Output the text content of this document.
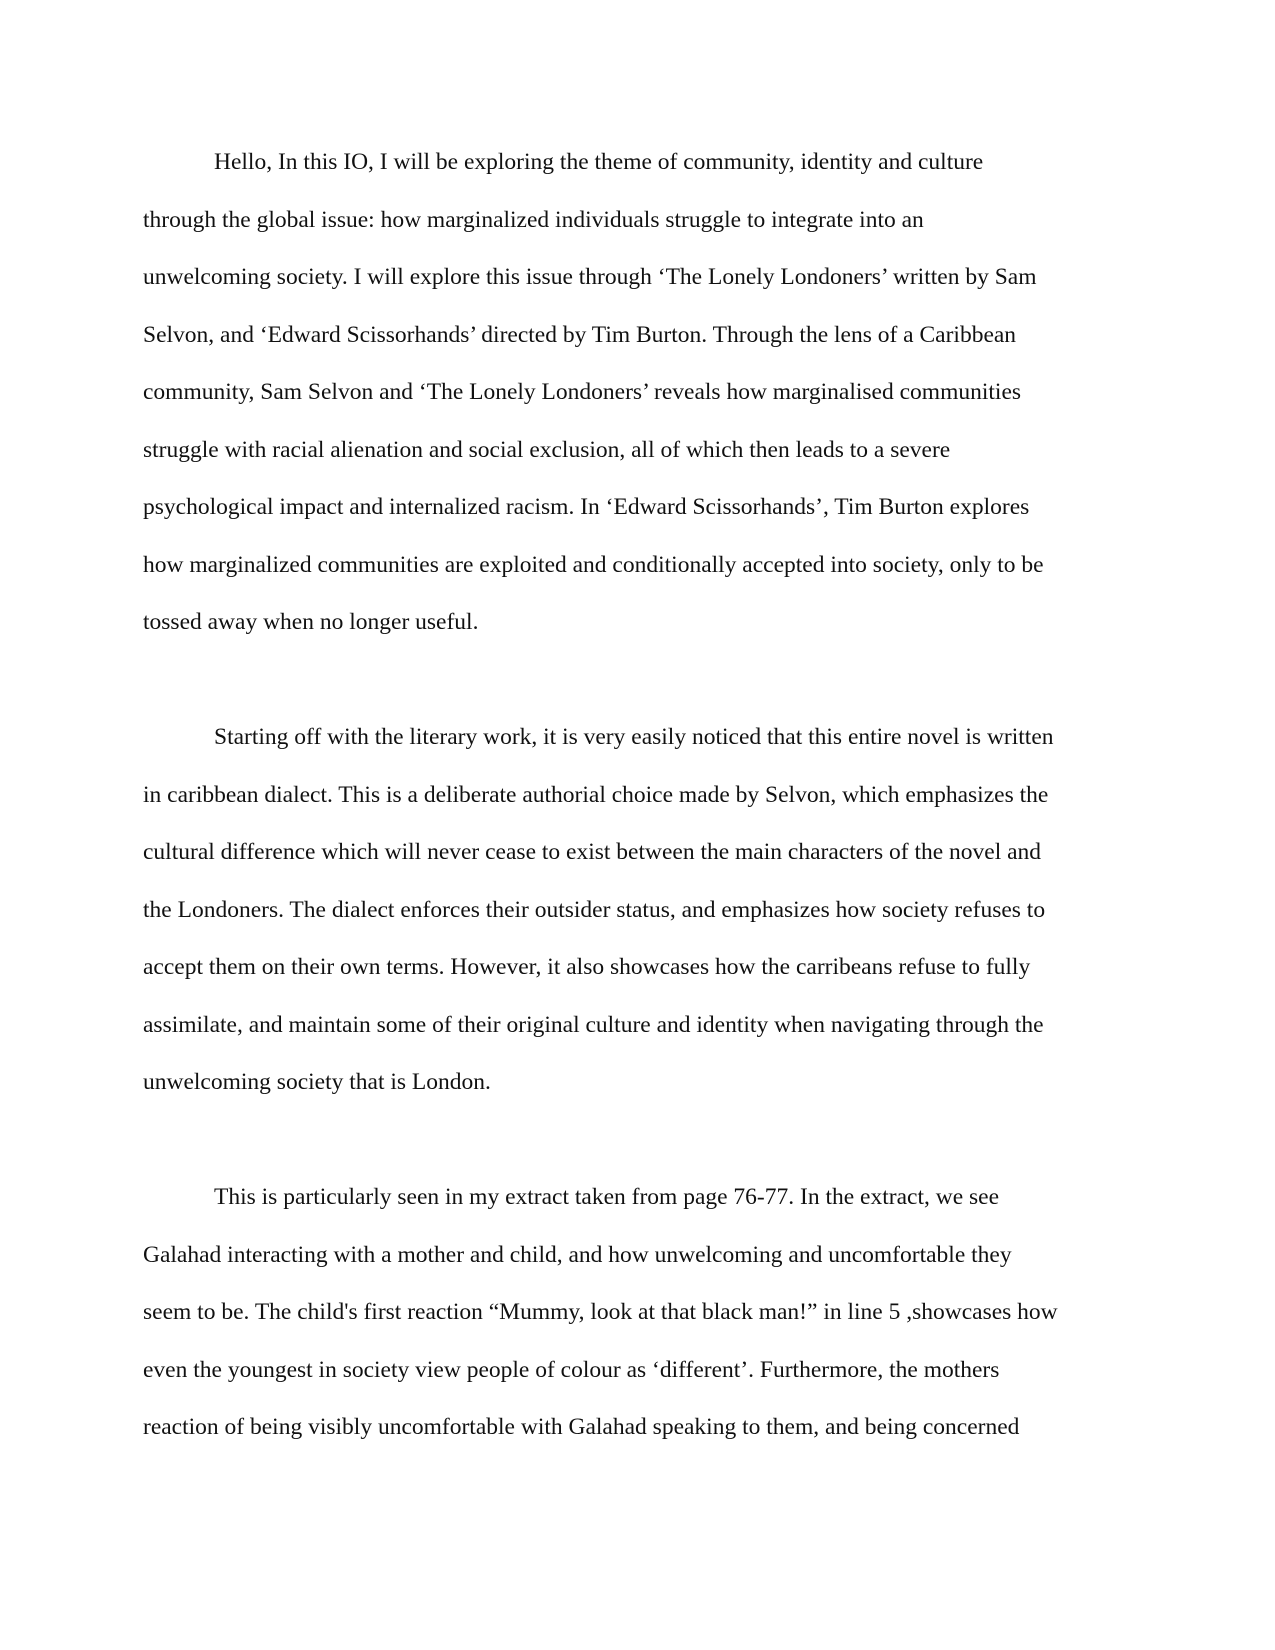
Hello, In this IO, I will be exploring the theme of community, identity and culture
through the global issue: how marginalized individuals struggle to integrate into an
unwelcoming society. I will explore this issue through ‘The Lonely Londoners’ written by Sam
Selvon, and ‘Edward Scissorhands’ directed by Tim Burton. Through the lens of a Caribbean
community, Sam Selvon and ‘The Lonely Londoners’ reveals how marginalised communities
struggle with racial alienation and social exclusion, all of which then leads to a severe
psychological impact and internalized racism. In ‘Edward Scissorhands’, Tim Burton explores
how marginalized communities are exploited and conditionally accepted into society, only to be
tossed away when no longer useful.
Starting off with the literary work, it is very easily noticed that this entire novel is written
in caribbean dialect. This is a deliberate authorial choice made by Selvon, which emphasizes the
cultural difference which will never cease to exist between the main characters of the novel and
the Londoners. The dialect enforces their outsider status, and emphasizes how society refuses to
accept them on their own terms. However, it also showcases how the carribeans refuse to fully
assimilate, and maintain some of their original culture and identity when navigating through the
unwelcoming society that is London.
This is particularly seen in my extract taken from page 76-77. In the extract, we see
Galahad interacting with a mother and child, and how unwelcoming and uncomfortable they
seem to be. The child's first reaction “Mummy, look at that black man!” in line 5 ,showcases how
even the youngest in society view people of colour as ‘different’. Furthermore, the mothers
reaction of being visibly uncomfortable with Galahad speaking to them, and being concerned
